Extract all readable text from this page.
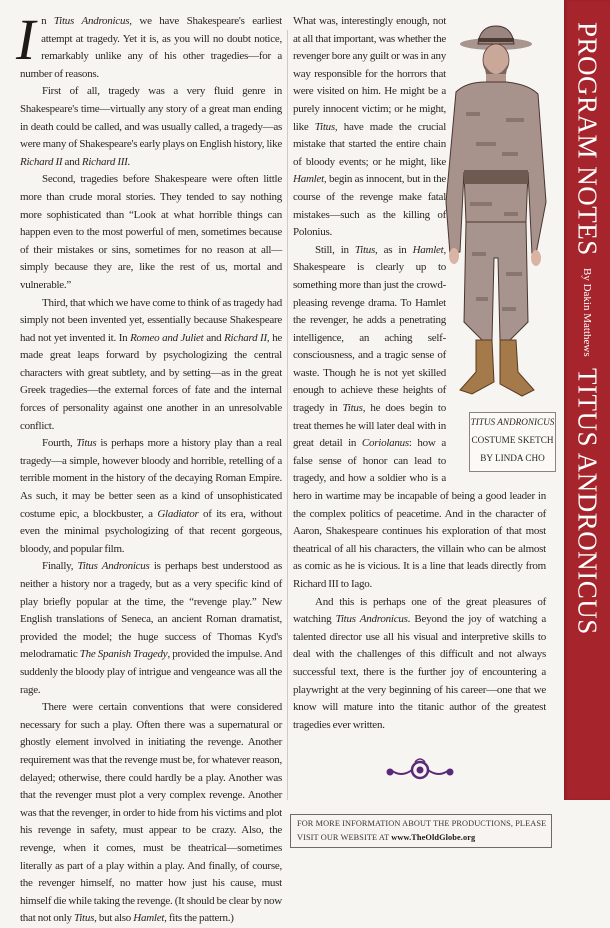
In Titus Andronicus, we have Shakespeare's earliest attempt at tragedy. Yet it is, as you will no doubt notice, remarkably unlike any of his other tragedies—for a number of reasons.

First of all, tragedy was a very fluid genre in Shakespeare's time—virtually any story of a great man ending in death could be called, and was usually called, a tragedy—as were many of Shakespeare's early plays on English history, like Richard II and Richard III.

Second, tragedies before Shakespeare were often little more than crude moral stories. They tended to say nothing more sophisticated than “Look at what horrible things can happen even to the most powerful of men, sometimes because of their mistakes or sins, sometimes for no reason at all—simply because they are, like the rest of us, mortal and vulnerable.”

Third, that which we have come to think of as tragedy had simply not been invented yet, essentially because Shakespeare had not yet invented it. In Romeo and Juliet and Richard II, he made great leaps forward by psychologizing the central characters with great subtlety, and by setting—as in the great Greek tragedies—the external forces of fate and the internal forces of personality against one another in an unresolvable conflict.

Fourth, Titus is perhaps more a history play than a real tragedy—a simple, however bloody and horrible, retelling of a terrible moment in the history of the decaying Roman Empire. As such, it may be better seen as a kind of unsophisticated costume epic, a blockbuster, a Gladiator of its era, without even the minimal psychologizing of that recent gorgeous, bloody, and popular film.

Finally, Titus Andronicus is perhaps best understood as neither a history nor a tragedy, but as a very specific kind of play briefly popular at the time, the “revenge play.” New English translations of Seneca, an ancient Roman dramatist, provided the model; the huge success of Thomas Kyd's melodramatic The Spanish Tragedy, provided the impulse. And suddenly the bloody play of intrigue and vengeance was all the rage.

There were certain conventions that were considered necessary for such a play. Often there was a supernatural or ghostly element involved in initiating the revenge. Another requirement was that the revenge must be, for whatever reason, delayed; otherwise, there could hardly be a play. Another was that the revenger must plot a very complex revenge. Another was that the revenger, in order to hide from his victims and plot his revenge in safety, must appear to be crazy. Also, the revenge, when it comes, must be theatrical—sometimes literally as part of a play within a play. And finally, of course, the revenger himself, no matter how just his cause, must himself die while taking the revenge. (It should be clear by now that not only Titus, but also Hamlet, fits the pattern.)

What was, interestingly enough, not at all that important, was whether the revenger bore any guilt or was in any way responsible for the horrors that were visited on him. He might be a purely innocent victim; or he might, like Titus, have made the crucial mistake that started the entire chain of bloody events; or he might, like Hamlet, begin as innocent, but in the course of the revenge make fatal mistakes—such as the killing of Polonius.

Still, in Titus, as in Hamlet, Shakespeare is clearly up to something more than just the crowd-pleasing revenge drama. To Hamlet the revenger, he adds a penetrating intelligence, an aching self-consciousness, and a tragic sense of waste. Though he is not yet skilled enough to achieve these heights of tragedy in Titus, he does begin to treat themes he will later deal with in great detail in Coriolanus: how a false sense of honor can lead to tragedy, and how a soldier who is a hero in wartime may be incapable of being a good leader in the complex politics of peacetime. And in the character of Aaron, Shakespeare continues his exploration of that most theatrical of all his characters, the villain who can be almost as comic as he is vicious. It is a line that leads directly from Richard III to Iago.

And this is perhaps one of the great pleasures of watching Titus Andronicus. Beyond the joy of watching a talented director use all his visual and interpretive skills to deal with the challenges of this difficult and not always successful text, there is the further joy of encountering a playwright at the very beginning of his career—one that we know will mature into the titanic author of the greatest tragedies ever written.

FOR MORE INFORMATION ABOUT THE PRODUCTIONS, PLEASE
VISIT OUR WEBSITE AT www.TheOldGlobe.org
TITUS ANDRONICUS
COSTUME SKETCH
BY LINDA CHO
PROGRAM NOTES
By Dakin Matthews
TITUS ANDRONICUS
